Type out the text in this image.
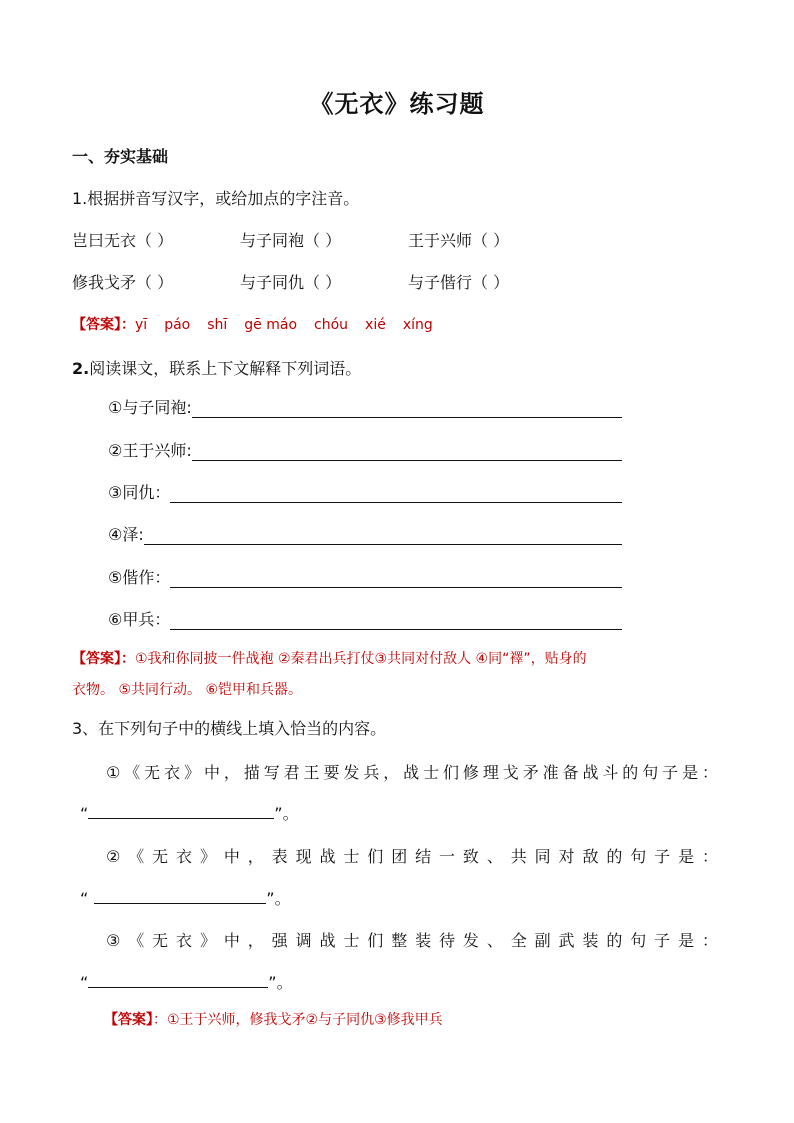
《无衣》练习题
一、夯实基础
1.根据拼音写汉字，或给加点的字注音。
岂曰无衣（ ）	与子同袍（ ）	王于兴师（ ）
修我戈矛（ ）	与子同仇（ ）	与子偕行（ ）
【答案】：yī páo shī gē máo chóu xié xíng
2.阅读课文，联系上下文解释下列词语。
①与子同袍:
②王于兴师:
③同仇：
④泽:
⑤偕作：
⑥甲兵：
【答案】：①我和你同披一件战袍 ②秦君出兵打仗③共同对付敌人 ④同“襗”，贴身的
衣物。 ⑤共同行动。 ⑥铠甲和兵器。
3、在下列句子中的横线上填入恰当的内容。
①《无衣》中，描写君王要发兵，战士们修理戈矛准备战斗的句子是：
“	”。
②《无衣》中，表现战士们团结一致、共同对敌的句子是：
“	”。
③《无衣》中，强调战士们整装待发、全副武装的句子是：
“	”。
【答案】：①王于兴师，修我戈矛②与子同仇③修我甲兵
